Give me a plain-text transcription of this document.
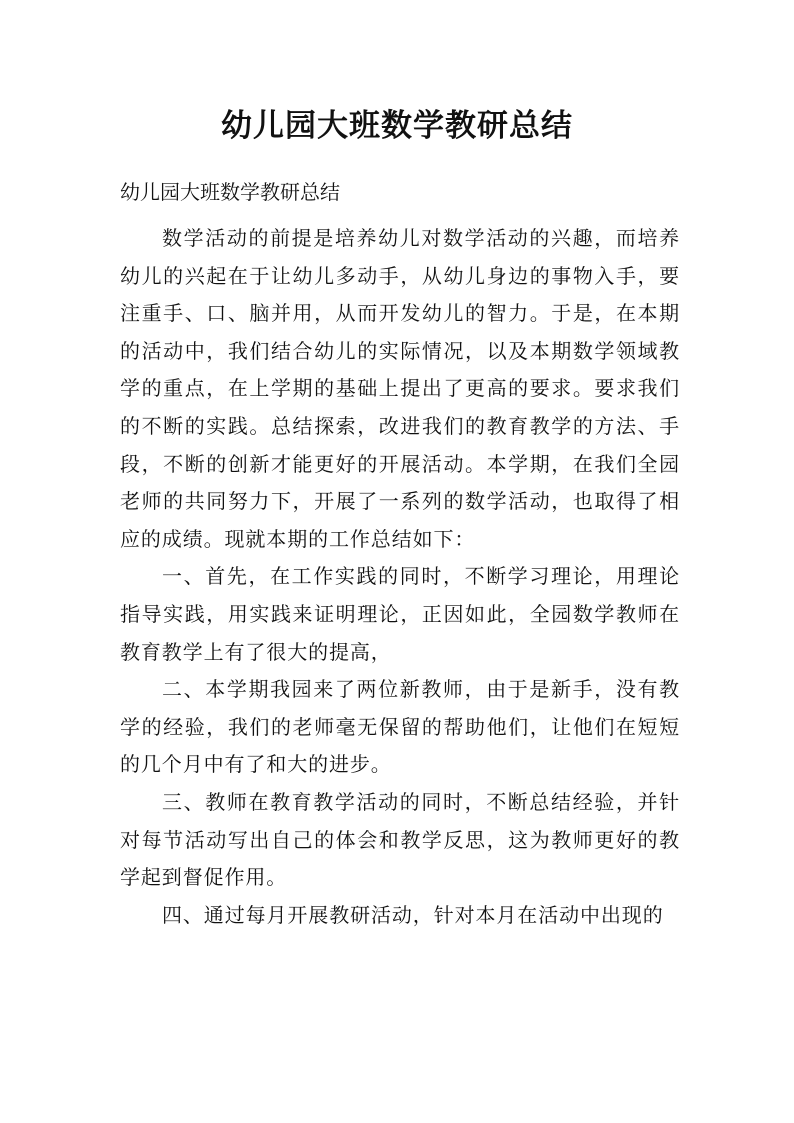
幼儿园大班数学教研总结

幼儿园大班数学教研总结

数学活动的前提是培养幼儿对数学活动的兴趣，而培养幼儿的兴起在于让幼儿多动手，从幼儿身边的事物入手，要注重手、口、脑并用，从而开发幼儿的智力。于是，在本期的活动中，我们结合幼儿的实际情况，以及本期数学领域教学的重点，在上学期的基础上提出了更高的要求。要求我们的不断的实践。总结探索，改进我们的教育教学的方法、手段，不断的创新才能更好的开展活动。本学期，在我们全园老师的共同努力下，开展了一系列的数学活动，也取得了相应的成绩。现就本期的工作总结如下：

一、首先，在工作实践的同时，不断学习理论，用理论指导实践，用实践来证明理论，正因如此，全园数学教师在教育教学上有了很大的提高，

二、本学期我园来了两位新教师，由于是新手，没有教学的经验，我们的老师毫无保留的帮助他们，让他们在短短的几个月中有了和大的进步。

三、教师在教育教学活动的同时，不断总结经验，并针对每节活动写出自己的体会和教学反思，这为教师更好的教学起到督促作用。

四、通过每月开展教研活动，针对本月在活动中出现的
